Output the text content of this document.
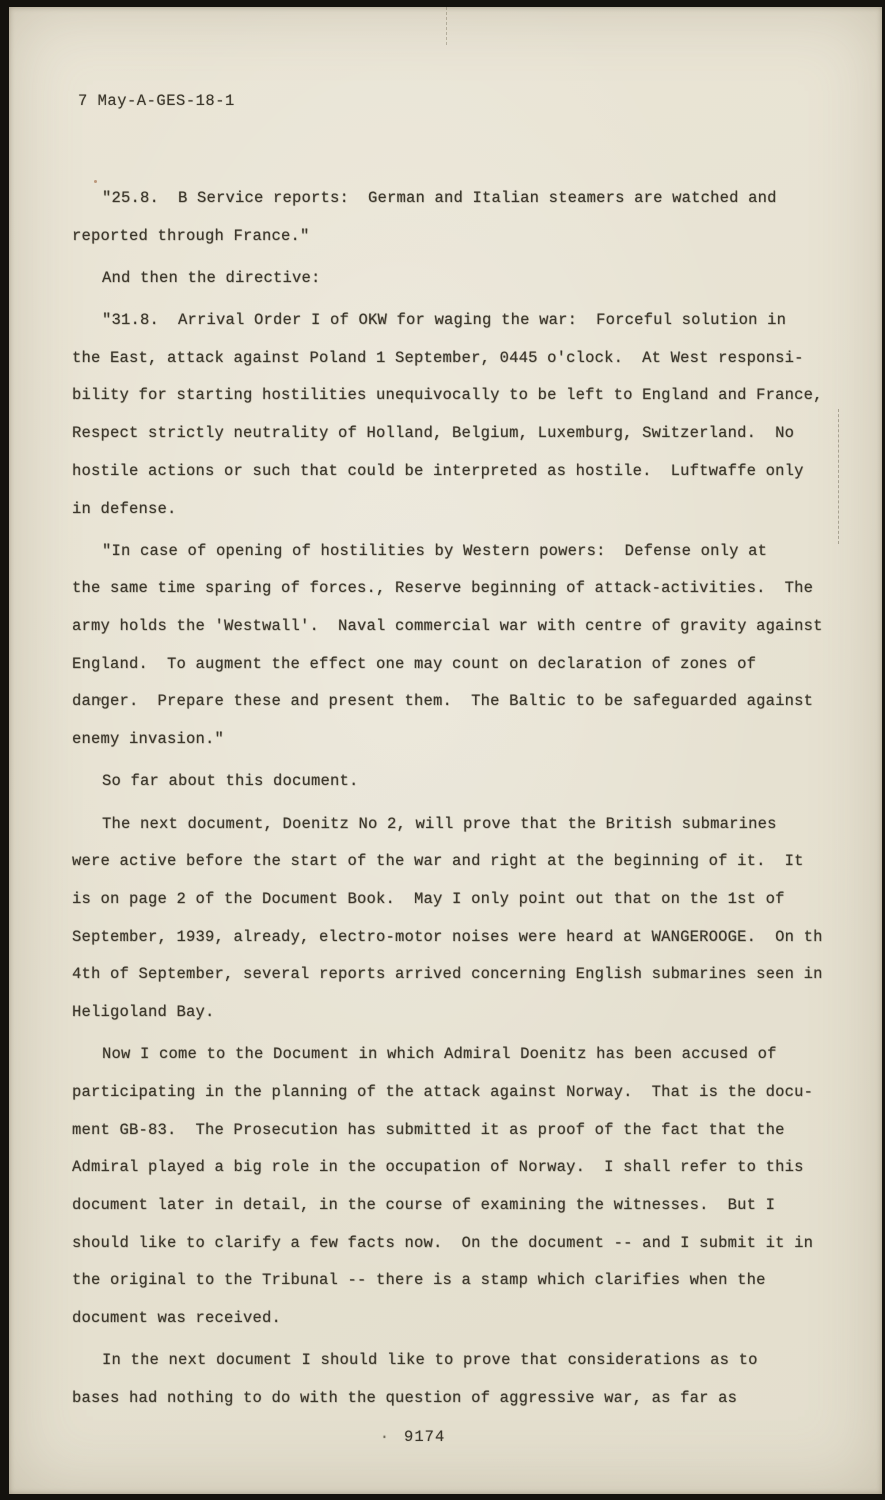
7 May-A-GES-18-1
"25.8.  B Service reports:  German and Italian steamers are watched and
reported through France."
And then the directive:
"31.8.  Arrival Order I of OKW for waging the war:  Forceful solution in
the East, attack against Poland 1 September, 0445 o'clock.  At West responsi-
bility for starting hostilities unequivocally to be left to England and France,
Respect strictly neutrality of Holland, Belgium, Luxemburg, Switzerland.  No
hostile actions or such that could be interpreted as hostile.  Luftwaffe only
in defense.
"In case of opening of hostilities by Western powers:  Defense only at
the same time sparing of forces., Reserve beginning of attack-activities.  The
army holds the 'Westwall'.  Naval commercial war with centre of gravity against
England.  To augment the effect one may count on declaration of zones of
danger.  Prepare these and present them.  The Baltic to be safeguarded against
enemy invasion."
So far about this document.
The next document, Doenitz No 2, will prove that the British submarines
were active before the start of the war and right at the beginning of it.  It
is on page 2 of the Document Book.  May I only point out that on the 1st of
September, 1939, already, electro-motor noises were heard at WANGEROOGE.  On th
4th of September, several reports arrived concerning English submarines seen in
Heligoland Bay.
Now I come to the Document in which Admiral Doenitz has been accused of
participating in the planning of the attack against Norway.  That is the docu-
ment GB-83.  The Prosecution has submitted it as proof of the fact that the
Admiral played a big role in the occupation of Norway.  I shall refer to this
document later in detail, in the course of examining the witnesses.  But I
should like to clarify a few facts now.  On the document -- and I submit it in
the original to the Tribunal -- there is a stamp which clarifies when the
document was received.
In the next document I should like to prove that considerations as to
bases had nothing to do with the question of aggressive war, as far as
· 9174
